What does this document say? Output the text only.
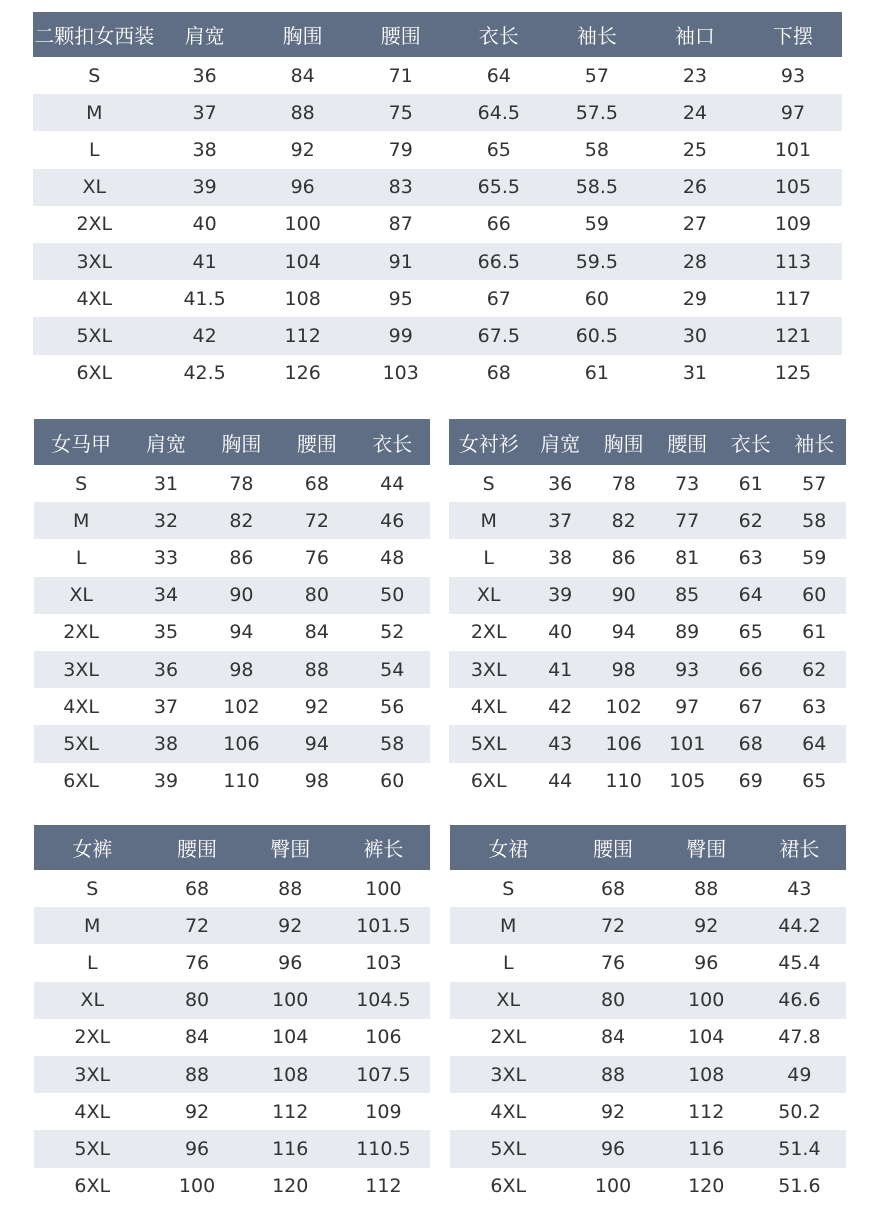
二颗扣女西装	肩宽	胸围	腰围	衣长	袖长	袖口	下摆
S	36	84	71	64	57	23	93
M	37	88	75	64.5	57.5	24	97
L	38	92	79	65	58	25	101
XL	39	96	83	65.5	58.5	26	105
2XL	40	100	87	66	59	27	109
3XL	41	104	91	66.5	59.5	28	113
4XL	41.5	108	95	67	60	29	117
5XL	42	112	99	67.5	60.5	30	121
6XL	42.5	126	103	68	61	31	125
女马甲	肩宽	胸围	腰围	衣长
S	31	78	68	44
M	32	82	72	46
L	33	86	76	48
XL	34	90	80	50
2XL	35	94	84	52
3XL	36	98	88	54
4XL	37	102	92	56
5XL	38	106	94	58
6XL	39	110	98	60
女衬衫	肩宽	胸围	腰围	衣长	袖长
S	36	78	73	61	57
M	37	82	77	62	58
L	38	86	81	63	59
XL	39	90	85	64	60
2XL	40	94	89	65	61
3XL	41	98	93	66	62
4XL	42	102	97	67	63
5XL	43	106	101	68	64
6XL	44	110	105	69	65
女裤	腰围	臀围	裤长
S	68	88	100
M	72	92	101.5
L	76	96	103
XL	80	100	104.5
2XL	84	104	106
3XL	88	108	107.5
4XL	92	112	109
5XL	96	116	110.5
6XL	100	120	112
女裙	腰围	臀围	裙长
S	68	88	43
M	72	92	44.2
L	76	96	45.4
XL	80	100	46.6
2XL	84	104	47.8
3XL	88	108	49
4XL	92	112	50.2
5XL	96	116	51.4
6XL	100	120	51.6
